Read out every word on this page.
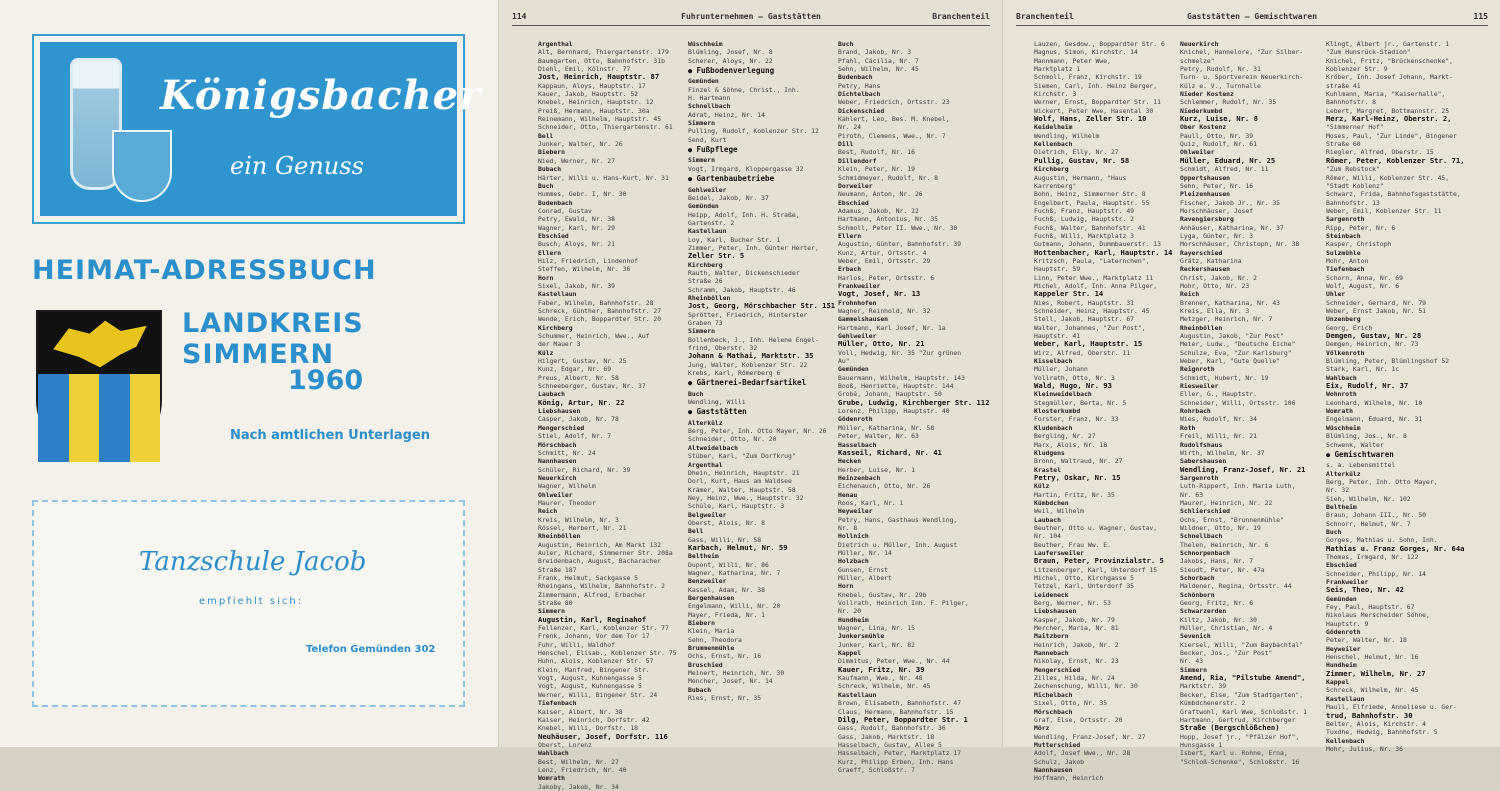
Königsbacher
ein Genuss
HEIMAT-ADRESSBUCH
LANDKREIS SIMMERN
1960
Nach amtlichen Unterlagen
Tanzschule Jacob
empfiehlt sich:
Telefon Gemünden 302
114	Fuhrunternehmen — Gaststätten	Branchenteil
Argenthal
Alt, Bernhard, Thiergartenstr. 179
Baumgarten, Otto, Bahnhofstr. 31b
Diehl, Emil, Kölnstr. 77
Jost, Heinrich, Hauptstr. 87
Kappaun, Aloys, Hauptstr. 17
Kauer, Jakob, Hauptstr. 52
Knebel, Heinrich, Hauptstr. 12
Preiß, Hermann, Hauptstr. 30a
Reinemann, Wilhelm, Hauptstr. 45
Schneider, Otto, Thiergartenstr. 61
Bell
Junker, Walter, Nr. 26
Biebern
Nied, Werner, Nr. 27
Bubach
Härter, Willi u. Hans-Kurt, Nr. 31
Buch
Hummes, Gebr. I, Nr. 30
Budenbach
Conrad, Gustav
Petry, Ewald, Nr. 38
Wagner, Karl, Nr. 29
Ebschied
Busch, Aloys, Nr. 21
Ellern
Hilz, Friedrich, Lindenhof
Steffen, Wilhelm, Nr. 36
Horn
Sixel, Jakob, Nr. 39
Kastellaun
Faber, Wilhelm, Bahnhofstr. 28
Schreck, Günther, Bahnhofstr. 27
Wende, Erich, Boppardter Str. 20
Kirchberg
Schummer, Heinrich, Wwe., Auf
der Mauer 3
Külz
Hilgert, Gustav, Nr. 25
Kunz, Edgar, Nr. 69
Preus, Albert, Nr. 58
Schneeberger, Gustav, Nr. 37
Laubach
König, Artur, Nr. 22
Liebshausen
Casper, Jakob, Nr. 78
Mengerschied
Stiel, Adolf, Nr. 7
Mörschbach
Schmitt, Nr. 24
Nannhausen
Schüler, Richard, Nr. 39
Neuerkirch
Wagner, Wilhelm
Ohlweiler
Maurer, Theodor
Reich
Kreis, Wilhelm, Nr. 3
Rössel, Herbert, Nr. 21
Rheinböllen
Augustin, Heinrich, Am Markt 132
Auler, Richard, Simmerner Str. 208a
Breidenbach, August, Bacharacher
Straße 187
Frank, Helmut, Sackgasse 5
Rheingans, Wilhelm, Bahnhofstr. 2
Zimmermann, Alfred, Erbacher
Straße 80
Simmern
Augustin, Karl, Reginahof
Fellenzer, Karl, Koblenzer Str. 77
Frenk, Johann, Vor dem Tor 17
Fuhr, Willi, Waldhof
Henschel, Elisab., Koblenzer Str. 75
Huhn, Alois, Koblenzer Str. 57
Klein, Manfred, Bingener Str.
Vogt, August, Kuhnengasse 5
Vogt, August, Kuhnengasse 5
Werner, Willi, Bingener Str. 24
Tiefenbach
Kaiser, Albert, Nr. 38
Kaiser, Heinrich, Dorfstr. 42
Knebel, Willi, Dorfstr. 18
Neuhäuser, Josef, Dorfstr. 116
Oberst, Lorenz
Wahlbach
Best, Wilhelm, Nr. 27
Lenz, Friedrich, Nr. 40
Womrath
Jakoby, Jakob, Nr. 34
Wüschheim
Blümling, Josef, Nr. 8
Scherer, Aloys, Nr. 22
● Fußbodenverlegung
Gemünden
Finzel & Söhne, Christ., Inh.
H. Hartmann
Schnellbach
Adrat, Heinz, Nr. 14
Simmern
Pulling, Rudolf, Koblenzer Str. 12
Send, Kurt
● Fußpflege
Simmern
Vogt, Irmgard, Kloppergasse 32
● Gartenbaubetriebe
Gehlweiler
Beidel, Jakob, Nr. 37
Gemünden
Heipp, Adolf, Inh. H. Straße,
Gartenstr. 2
Kastellaun
Loy, Karl, Bucher Str. 1
Zimmer, Peter, Inh. Günter Herter,
Zeller Str. 5
Kirchberg
Rauth, Walter, Dickenschieder
Straße 26
Schramm, Jakob, Hauptstr. 46
Rheinböllen
Jost, Georg, Mörschbacher Str. 151
Sprötter, Friedrich, Hinterster
Graben 73
Simmern
Bollenbeck, J., Inh. Helene Engel-
frind, Oberstr. 32
Johann & Mathai, Marktstr. 35
Jung, Walter, Koblenzer Str. 22
Krebs, Karl, Römerberg 6
● Gärtnerei-Bedarfsartikel
Buch
Wendling, Willi
● Gaststätten
Alterkülz
Berg, Peter, Inh. Otto Mayer, Nr. 26
Schneider, Otto, Nr. 20
Altweidelbach
Stüber, Karl, "Zum Dorfkrug"
Argenthal
Dhein, Heinrich, Hauptstr. 21
Dorl, Kurt, Haus am Waldsee
Krämer, Walter, Hauptstr. 58
Ney, Heinz, Wwe., Hauptstr. 32
Schüle, Karl, Hauptstr. 3
Belgweiler
Oberst, Alois, Nr. 8
Bell
Gass, Willi, Nr. 58
Karbach, Helmut, Nr. 59
Beltheim
Dupont, Willi, Nr. 86
Wagner, Katharina, Nr. 7
Benzweiler
Kassel, Adam, Nr. 38
Bergenhausen
Engelmann, Willi, Nr. 20
Mayer, Frieda, Nr. 1
Biebern
Klein, Maria
Sehn, Theodora
Brummenmühle
Ochs, Ernst, Nr. 16
Bruschied
Meinert, Heinrich, Nr. 30
Mencher, Josef, Nr. 14
Bubach
Ries, Ernst, Nr. 35
Buch
Brand, Jakob, Nr. 3
Pfahl, Cäcilia, Nr. 7
Sehn, Wilhelm, Nr. 45
Budenbach
Petry, Hans
Dichtelbach
Weber, Friedrich, Ortsstr. 23
Dickenschied
Kahlert, Leo, Bes. M. Knebel,
Nr. 24
Piroth, Clemens, Wwe., Nr. 7
Dill
Best, Rudolf, Nr. 16
Dillendorf
Klein, Peter, Nr. 19
Schmidmeyer, Rudolf, Nr. 8
Dorweiler
Neumann, Anton, Nr. 26
Ebschied
Adamus, Jakob, Nr. 22
Hartmann, Antonius, Nr. 35
Schmoll, Peter II. Wwe., Nr. 30
Ellern
Augustin, Günter, Bahnhofstr. 39
Kunz, Artur, Ortsstr. 4
Weber, Emil, Ortsstr. 29
Erbach
Harlos, Peter, Ortsstr. 6
Frankweiler
Vogt, Josef, Nr. 13
Frohnhofen
Wagner, Reinhold, Nr. 32
Gammelshausen
Hartmann, Karl Josef, Nr. 1a
Gehlweiler
Müller, Otto, Nr. 21
Voll, Hedwig, Nr. 35 "Zur grünen
Au"
Gemünden
Bauermann, Wilhelm, Hauptstr. 143
Booß, Henriette, Hauptstr. 144
Grobé, Johann, Hauptstr. 50
Grube, Ludwig, Kirchberger Str. 112
Lorenz, Philipp, Hauptstr. 40
Gödenroth
Müller, Katharina, Nr. 58
Peter, Walter, Nr. 63
Hasselbach
Kasseil, Richard, Nr. 41
Hecken
Herber, Luise, Nr. 1
Heinzenbach
Eichenauch, Otto, Nr. 26
Henau
Roos, Karl, Nr. 1
Heyweiler
Petry, Hans, Gasthaus Wendling,
Nr. 8
Hollnich
Dietrich u. Müller, Inh. August
Müller, Nr. 14
Holzbach
Gunsen, Ernst
Müller, Albert
Horn
Knebel, Gustav, Nr. 29b
Vollrath, Heinrich Inh. F. Pilger,
Nr. 20
Hundheim
Wagner, Lina, Nr. 15
Junkersmühle
Junker, Karl, Nr. 82
Kappel
Dimmitus, Peter, Wwe., Nr. 44
Kauer, Fritz, Nr. 39
Kaufmann, Wwe., Nr. 48
Schreck, Wilhelm, Nr. 45
Kastellaun
Brown, Elisabeth, Bahnhofstr. 47
Claus, Hermann, Bahnhofstr. 15
Dilg, Peter, Boppardter Str. 1
Gass, Rudolf, Bahnhofstr. 36
Gass, Jakob, Marktstr. 18
Hasselbach, Gustav, Allee 5
Hasselbach, Peter, Marktplatz 17
Kurz, Philipp Erben, Inh. Hans
Graeff, Schloßstr. 7
Branchenteil	Gaststätten — Gemischtwaren	115
Lauzen, Gesdow., Boppardter Str. 6
Magnus, Simon, Kirchstr. 14
Mannmann, Peter Wwe,
Marktplatz 1
Schmoll, Franz, Kirchstr. 19
Siemen, Carl, Inh. Heinz Berger,
Kirchstr. 3
Werner, Ernst, Boppardter Str. 11
Wickert, Peter Wwe, Hasental 30
Wolf, Hans, Zeller Str. 10
Keidelheim
Wendling, Wilhelm
Kellenbach
Dietrich, Elly, Nr. 27
Pullig, Gustav, Nr. 58
Kirchberg
Augustin, Hermann, "Haus
Karrenberg"
Bohn, Heinz, Simmerner Str. 8
Engelbert, Paula, Hauptstr. 55
Fuchß, Franz, Hauptstr. 49
Fuchß, Ludwig, Hauptstr. 2
Fuchß, Walter, Bahnhofstr. 41
Fuchß, Willi, Marktplatz 3
Gutmann, Johann, Dummbauerstr. 13
Hottenbacher, Karl, Hauptstr. 14
Kritzsch, Paula, "Laternchen",
Hauptstr. 59
Linn, Peter Wwe., Marktplatz 11
Michel, Adolf, Inh. Anna Pilger,
Kappeler Str. 14
Nies, Robert, Hauptstr. 31
Schneider, Heinz, Hauptstr. 45
Stell, Jakob, Hauptstr. 67
Walter, Johannes, "Zur Post",
Hauptstr. 41
Weber, Karl, Hauptstr. 15
Wirz, Alfred, Oberstr. 11
Kisselbach
Müller, Johann
Vollrath, Otto, Nr. 3
Wald, Hugo, Nr. 93
Kleinweidelbach
Stegmüller, Berta, Nr. 5
Klosterkumbd
Forster, Franz, Nr. 33
Kludenbach
Bergling, Nr. 27
Marx, Alois, Nr. 18
Kludgens
Bronn, Waltraud, Nr. 27
Krastel
Petry, Oskar, Nr. 15
Külz
Martin, Fritz, Nr. 35
Kümbdchen
Weil, Wilhelm
Laubach
Beuther, Otto u. Wagner, Gustav,
Nr. 104
Beuther, Frau Ww. E.
Laufersweiler
Braun, Peter, Provinzialstr. 5
Litzenberger, Karl, Unterdorf 15
Michel, Otto, Kirchgasse 5
Tetzel, Karl, Unterdorf 35
Leideneck
Berg, Werner, Nr. 53
Liebshausen
Kasper, Jakob, Nr. 79
Mercher, Maria, Nr. 81
Maitzborn
Heinrich, Jakob, Nr. 2
Mannebach
Nikolay, Ernst, Nr. 23
Mengerschied
Zilles, Hilda, Nr. 24
Zechenschung, Willi, Nr. 30
Michelbach
Sixel, Otto, Nr. 35
Mörschbach
Graf, Else, Ortsstr. 20
Mörz
Wendling, Franz-Josef, Nr. 27
Mutterschied
Adolf, Josef Wwe., Nr. 28
Schulz, Jakob
Nannhausen
Hoffmann, Heinrich
Neuerkirch
Knichel, Hannelore, "Zur Silber-
schmelze"
Petry, Rudolf, Nr. 31
Turn- u. Sportverein Neuerkirch-
Külz e. V., Turnhalle
Nieder Kostenz
Schlemmer, Rudolf, Nr. 35
Niederkumbd
Kurz, Luise, Nr. 8
Ober Kostenz
Paull, Otto, Nr. 39
Quiz, Rudolf, Nr. 61
Ohlweiler
Müller, Eduard, Nr. 25
Schmidt, Alfred, Nr. 11
Oppertshausen
Sehn, Peter, Nr. 16
Pleizenhausen
Fischer, Jakob Jr., Nr. 35
Morschhäuser, Josef
Ravengiersburg
Anhäuser, Katharina, Nr. 37
Lyga, Günter, Nr. 3
Morschhäuser, Christoph, Nr. 38
Rayerschied
Grätz, Katharina
Reckershausen
Christ, Jakob, Nr. 2
Mohr, Otto, Nr. 23
Reich
Brenner, Katharina, Nr. 43
Kreis, Ella, Nr. 3
Metzger, Heinrich, Nr. 7
Rheinböllen
Augustin, Jakob, "Zur Post"
Meier, Ludw., "Deutsche Eiche"
Schulze, Eva, "Zur Karlsburg"
Weber, Karl, "Gute Quelle"
Reignroth
Schmidt, Hubert, Nr. 19
Riesweiler
Eller, G., Hauptstr.
Schneider, Willi, Ortsstr. 106
Rohrbach
Wies, Rudolf, Nr. 34
Roth
Freil, Willi, Nr. 21
Rudolfshaus
Wirth, Wilhelm, Nr. 37
Sabershausen
Wendling, Franz-Josef, Nr. 21
Sargenroth
Luth-Rippert, Inh. Maria Luth,
Nr. 63
Maurer, Heinrich, Nr. 22
Schlierschied
Ochs, Ernst, "Brunnenmühle"
Wildner, Otto, Nr. 19
Schnellbach
Thelen, Heinrich, Nr. 6
Schnorpenbach
Jakobs, Hans, Nr. 7
Sieudt, Peter, Nr. 47a
Schorbach
Maldener, Regina, Ortsstr. 44
Schönborn
Georg, Fritz, Nr. 6
Schwarzerden
Kiltz, Jakob, Nr. 30
Müller, Christian, Nr. 4
Sevenich
Kiersel, Willi, "Zum Baybachtal"
Becker, Jos., "Zur Post"
Nr. 43
Simmern
Amend, Ria, "Pilstube Amend",
Marktstr. 39
Becker, Else, "Zum Stadtgarten",
Kümbdchenerstr. 2
Graftwohl, Karl Wwe, Schloßstr. 1
Hartmann, Gertrud, Kirchberger
Straße (Bergschlößchen)
Hopp, Josef jr., "Pfälzer Hof",
Hunsgasse 1
Isbert, Karl u. Rohne, Erna,
"Schloß-Schenke", Schloßstr. 16
Klingt, Albert jr., Gartenstr. 1
"Zum Hunsrück-Stadion"
Knichel, Fritz, "Brückenschenke",
Koblenzer Str. 9
Kröber, Inh. Josef Johann, Markt-
straße 41
Kuhlmann, Maria, "Kaiserhalle",
Bahnhofstr. 8
Lebert, Margret, Bottmannstr. 25
Merz, Karl-Heinz, Oberstr. 2,
"Simmerner Hof"
Moses, Paul, "Zur Linde", Bingener
Straße 60
Riegler, Alfred, Oberstr. 15
Römer, Peter, Koblenzer Str. 71,
"Zum Rebstock"
Römer, Willi, Koblenzer Str. 45,
"Stadt Koblenz"
Schwarz, Frida, Bahnhofsgaststätte,
Bahnhofstr. 13
Weber, Emil, Koblenzer Str. 11
Sargenroth
Ripp, Peter, Nr. 6
Steinbach
Kasper, Christoph
Sulzmühle
Mohr, Anton
Tiefenbach
Schorn, Anna, Nr. 69
Wolf, August, Nr. 6
Uhler
Schneider, Gerhard, Nr. 79
Weber, Ernst Jakob, Nr. 51
Unzenberg
Georg, Erich
Demgen, Gustav, Nr. 28
Demgen, Heinrich, Nr. 73
Völkenroth
Blümling, Peter, Blümlingshof 52
Stark, Karl, Nr. 1c
Wahlbach
Eix, Rudolf, Nr. 37
Wohnroth
Leonhard, Wilhelm, Nr. 10
Womrath
Engelmann, Eduard, Nr. 31
Wüschheim
Blümling, Jos., Nr. 8
Schwenk, Walter
● Gemischtwaren
s. a. Lebensmittel
Alterkülz
Berg, Peter, Inh. Otto Mayer,
Nr. 32
Sieh, Wilhelm, Nr. 102
Beltheim
Braun, Johann III., Nr. 50
Schnorr, Helmut, Nr. 7
Buch
Gorges, Mathias u. Sohn, Inh.
Mathias u. Franz Gorges, Nr. 64a
Thomas, Irmgard, Nr. 122
Ebschied
Schneider, Philipp, Nr. 14
Frankweiler
Seis, Theo, Nr. 42
Gemünden
Fey, Paul, Hauptstr. 67
Nikolaus Merscheider Söhne,
Hauptstr. 9
Gödenroth
Peter, Walter, Nr. 18
Heyweiler
Henschel, Helmut, Nr. 16
Hundheim
Zimmer, Wilhelm, Nr. 27
Kappel
Schreck, Wilhelm, Nr. 45
Kastellaun
Maull, Elfriede, Anneliese u. Ger-
trud, Bahnhofstr. 30
Belter, Alois, Kirchstr. 4
Tuxdhe, Hedwig, Bahnhofstr. 5
Kellenbach
Mohr, Julius, Nr. 36
